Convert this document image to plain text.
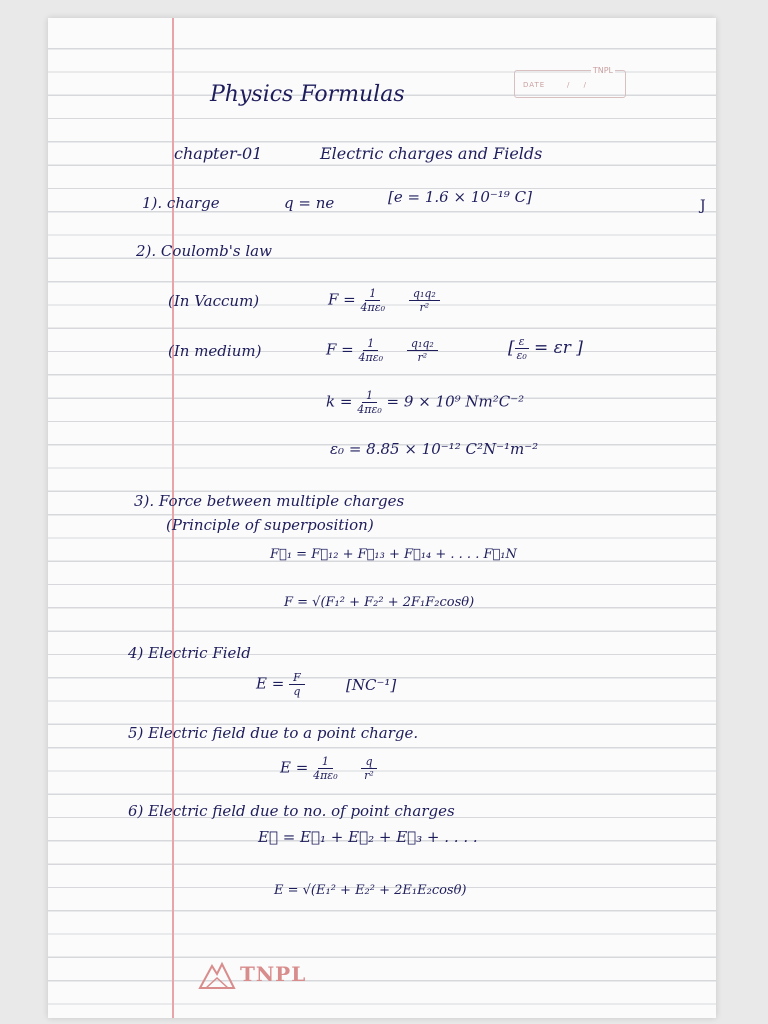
TNPL
DATE	/ /
Physics Formulas
chapter-01	Electric charges and Fields
1). charge	q = ne	[e = 1.6 × 10⁻¹⁹ C]
2). Coulomb's law
(In Vaccum)	$F = \frac{1}{\text{4πε₀}}$
$\frac{\text{q₁q₂}}{\text{r²}}$
(In medium)	$F = \frac{1}{\text{4πε₀}}$
$\frac{\text{q₁q₂}}{\text{r²}}$	[ $\frac{\varepsilon}{\text{ε₀}} = \varepsilon r$ ]
$k = \frac{1}{\text{4πε₀}} = 9 \times 10^9$ Nm²C⁻²
ε₀ = 8.85 × 10⁻¹² C²N⁻¹m⁻²
3). Force between multiple charges
(Principle of superposition)
F⃗₁ = F⃗₁₂ + F⃗₁₃ + F⃗₁₄ + . . . . F⃗₁N
F = √(F₁² + F₂² + 2F₁F₂cosθ)
4) Electric Field
$E = \frac{F}{q}$	[NC⁻¹]
5) Electric field due to a point charge.
$E = \frac{1}{\text{4πε₀}}$
$\frac{q}{\text{r²}}$
6) Electric field due to no. of point charges
E⃗ = E⃗₁ + E⃗₂ + E⃗₃ + . . . .
E = √(E₁² + E₂² + 2E₁E₂cosθ)
J
TNPL
